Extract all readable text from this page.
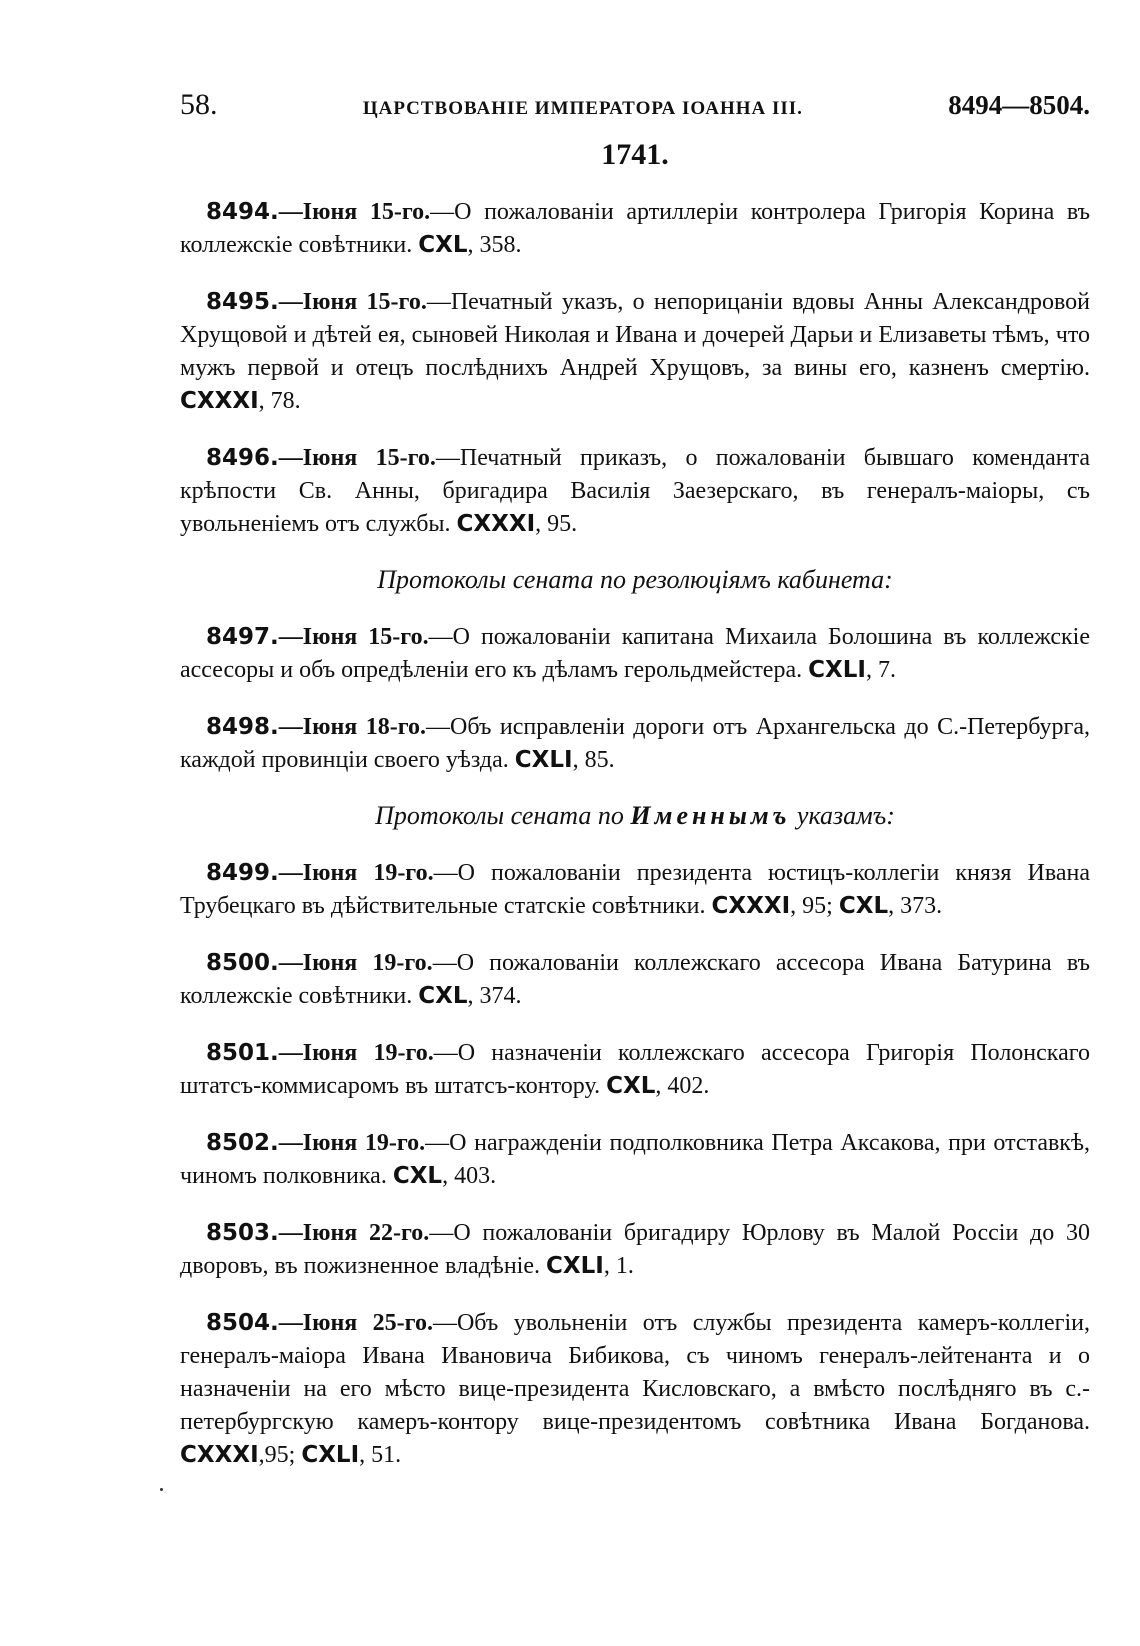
58.	ЦАРСТВОВАНІЕ ИМПЕРАТОРА ІОАННА III.	8494—8504.
1741.

8494.—Іюня 15-го.—О пожалованіи артиллеріи контролера Григорія Корина въ коллежскіе совѣтники. CXL, 358.

8495.—Іюня 15-го.—Печатный указъ, о непорицаніи вдовы Анны Александровой Хрущовой и дѣтей ея, сыновей Николая и Ивана и дочерей Дарьи и Елизаветы тѣмъ, что мужъ первой и отецъ послѣднихъ Андрей Хрущовъ, за вины его, казненъ смертію. CXXXI, 78.

8496.—Іюня 15-го.—Печатный приказъ, о пожалованіи бывшаго коменданта крѣпости Св. Анны, бригадира Василія Заезерскаго, въ генералъ-маіоры, съ увольненіемъ отъ службы. CXXXI, 95.

Протоколы сената по резолюціямъ кабинета:

8497.—Іюня 15-го.—О пожалованіи капитана Михаила Болошина въ коллежскіе ассесоры и объ опредѣленіи его къ дѣламъ герольдмейстера. CXLI, 7.

8498.—Іюня 18-го.—Объ исправленіи дороги отъ Архангельска до С.-Петербурга, каждой провинціи своего уѣзда. CXLI, 85.

Протоколы сената по Именнымъ указамъ:

8499.—Іюня 19-го.—О пожалованіи президента юстицъ-коллегіи князя Ивана Трубецкаго въ дѣйствительные статскіе совѣтники. CXXXI, 95; CXL, 373.

8500.—Іюня 19-го.—О пожалованіи коллежскаго ассесора Ивана Батурина въ коллежскіе совѣтники. CXL, 374.

8501.—Іюня 19-го.—О назначеніи коллежскаго ассесора Григорія Полонскаго штатсъ-коммисаромъ въ штатсъ-контору. CXL, 402.

8502.—Іюня 19-го.—О награжденіи подполковника Петра Аксакова, при отставкѣ, чиномъ полковника. CXL, 403.

8503.—Іюня 22-го.—О пожалованіи бригадиру Юрлову въ Малой Россіи до 30 дворовъ, въ пожизненное владѣніе. CXLI, 1.

8504.—Іюня 25-го.—Объ увольненіи отъ службы президента камеръ-коллегіи, генералъ-маіора Ивана Ивановича Бибикова, съ чиномъ генералъ-лейтенанта и о назначеніи на его мѣсто вице-президента Кисловскаго, а вмѣсто послѣдняго въ с.-петербургскую камеръ-контору вице-президентомъ совѣтника Ивана Богданова. CXXXI,95; CXLI, 51.
